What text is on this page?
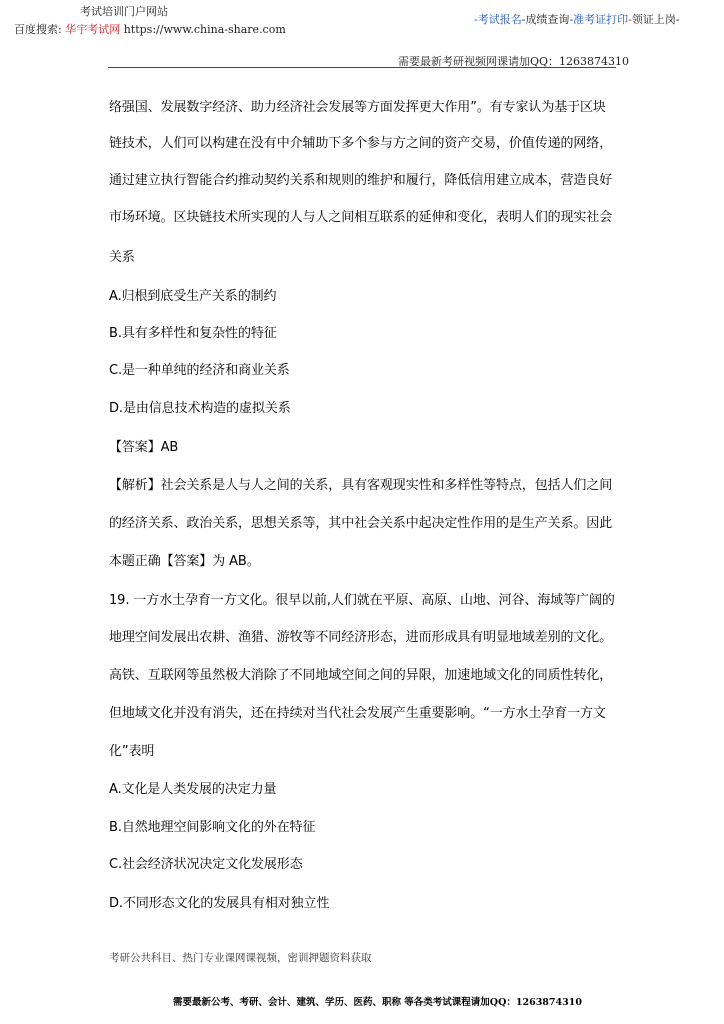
考试培训门户网站
百度搜索: 华宇考试网 https://www.china-share.com
-考试报名-成绩查询-准考证打印-领证上岗-
需要最新考研视频网课请加QQ：1263874310
络强国、发展数字经济、助力经济社会发展等方面发挥更大作用”。有专家认为基于区块
链技术，人们可以构建在没有中介辅助下多个参与方之间的资产交易，价值传递的网络，
通过建立执行智能合约推动契约关系和规则的维护和履行，降低信用建立成本，营造良好
市场环境。区块链技术所实现的人与人之间相互联系的延伸和变化，表明人们的现实社会
关系
A.归根到底受生产关系的制约
B.具有多样性和复杂性的特征
C.是一种单纯的经济和商业关系
D.是由信息技术构造的虚拟关系
【答案】AB
【解析】社会关系是人与人之间的关系，具有客观现实性和多样性等特点，包括人们之间
的经济关系、政治关系，思想关系等，其中社会关系中起决定性作用的是生产关系。因此
本题正确【答案】为 AB。
19. 一方水土孕育一方文化。很早以前,人们就在平原、高原、山地、河谷、海域等广阔的
地理空间发展出农耕、渔猎、游牧等不同经济形态，进而形成具有明显地域差别的文化。
高铁、互联网等虽然极大消除了不同地域空间之间的异限，加速地域文化的同质性转化，
但地域文化并没有消失，还在持续对当代社会发展产生重要影响。“一方水土孕育一方文
化”表明
A.文化是人类发展的决定力量
B.自然地理空间影响文化的外在特征
C.社会经济状况决定文化发展形态
D.不同形态文化的发展具有相对独立性
考研公共科目、热门专业课网课视频，密训押题资料获取
需要最新公考、考研、会计、建筑、学历、医药、职称 等各类考试课程请加QQ：1263874310
